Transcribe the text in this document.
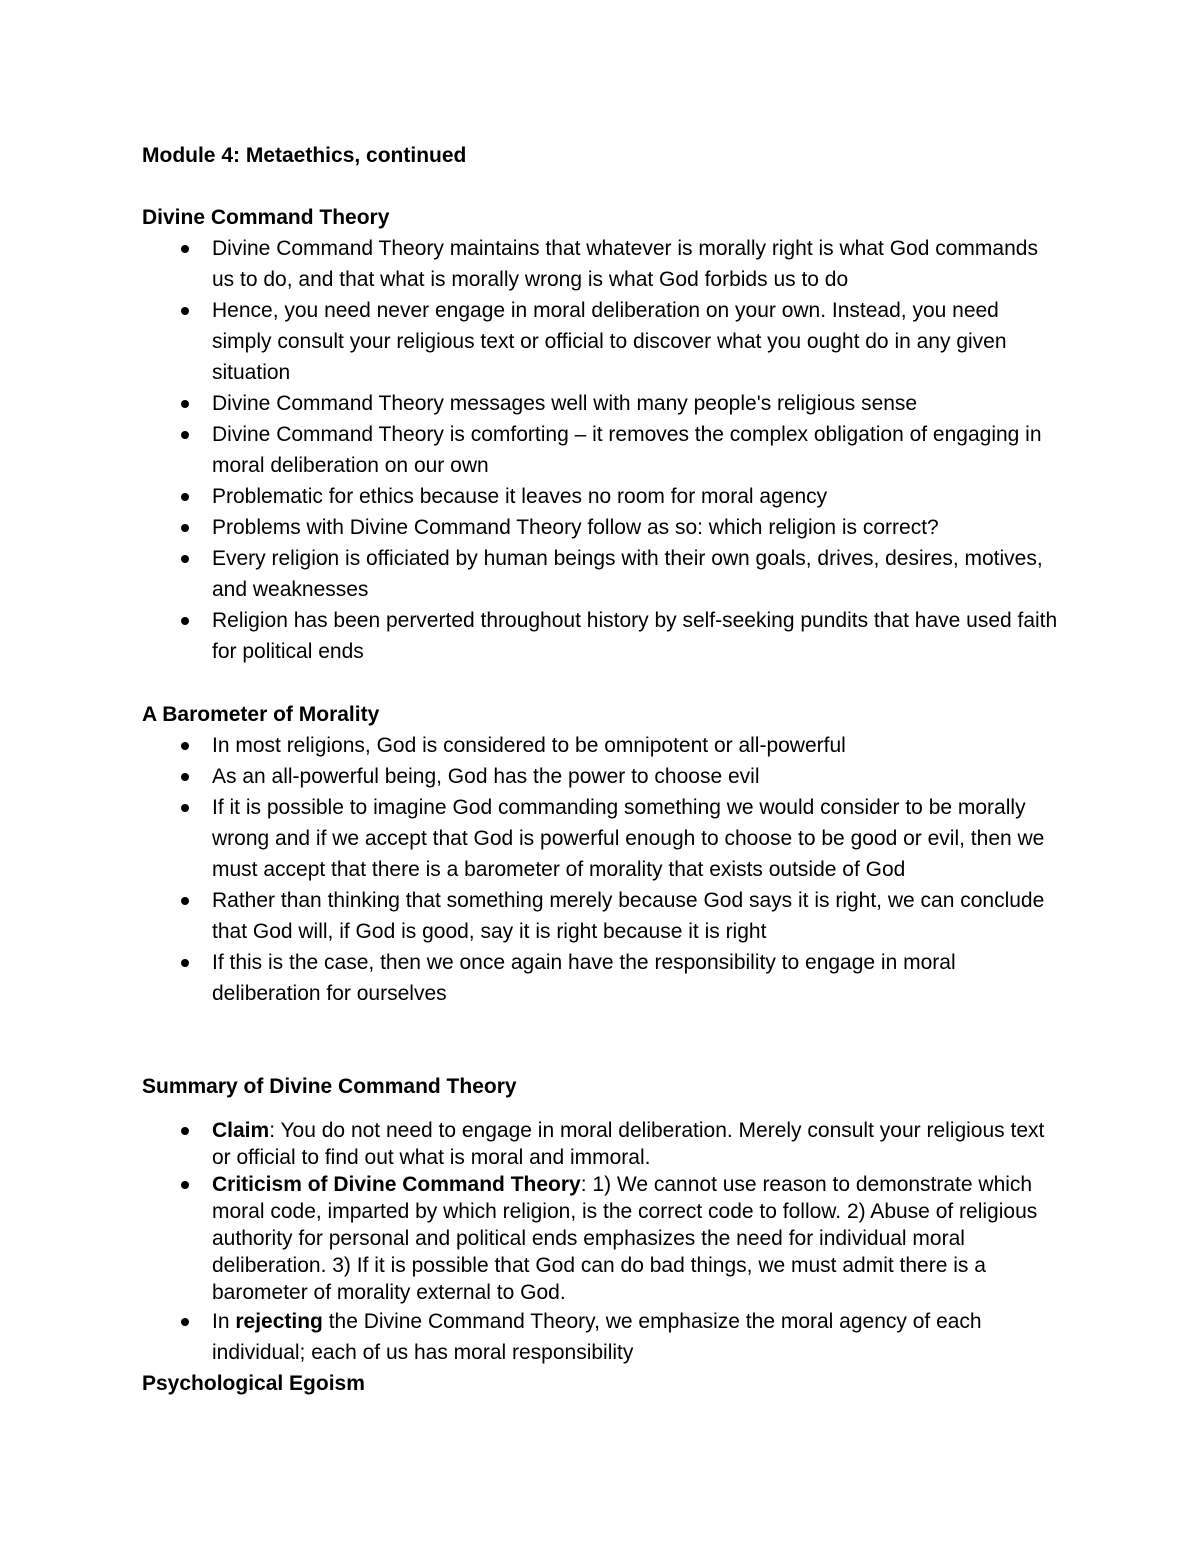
Module 4: Metaethics, continued
Divine Command Theory
Divine Command Theory maintains that whatever is morally right is what God commands us to do, and that what is morally wrong is what God forbids us to do
Hence, you need never engage in moral deliberation on your own. Instead, you need simply consult your religious text or official to discover what you ought do in any given situation
Divine Command Theory messages well with many people's religious sense
Divine Command Theory is comforting – it removes the complex obligation of engaging in moral deliberation on our own
Problematic for ethics because it leaves no room for moral agency
Problems with Divine Command Theory follow as so: which religion is correct?
Every religion is officiated by human beings with their own goals, drives, desires, motives, and weaknesses
Religion has been perverted throughout history by self-seeking pundits that have used faith for political ends
A Barometer of Morality
In most religions, God is considered to be omnipotent or all-powerful
As an all-powerful being, God has the power to choose evil
If it is possible to imagine God commanding something we would consider to be morally wrong and if we accept that God is powerful enough to choose to be good or evil, then we must accept that there is a barometer of morality that exists outside of God
Rather than thinking that something merely because God says it is right, we can conclude that God will, if God is good, say it is right because it is right
If this is the case, then we once again have the responsibility to engage in moral deliberation for ourselves
Summary of Divine Command Theory
Claim: You do not need to engage in moral deliberation. Merely consult your religious text or official to find out what is moral and immoral.
Criticism of Divine Command Theory: 1) We cannot use reason to demonstrate which moral code, imparted by which religion, is the correct code to follow. 2) Abuse of religious authority for personal and political ends emphasizes the need for individual moral deliberation. 3) If it is possible that God can do bad things, we must admit there is a barometer of morality external to God.
In rejecting the Divine Command Theory, we emphasize the moral agency of each individual; each of us has moral responsibility
Psychological Egoism
